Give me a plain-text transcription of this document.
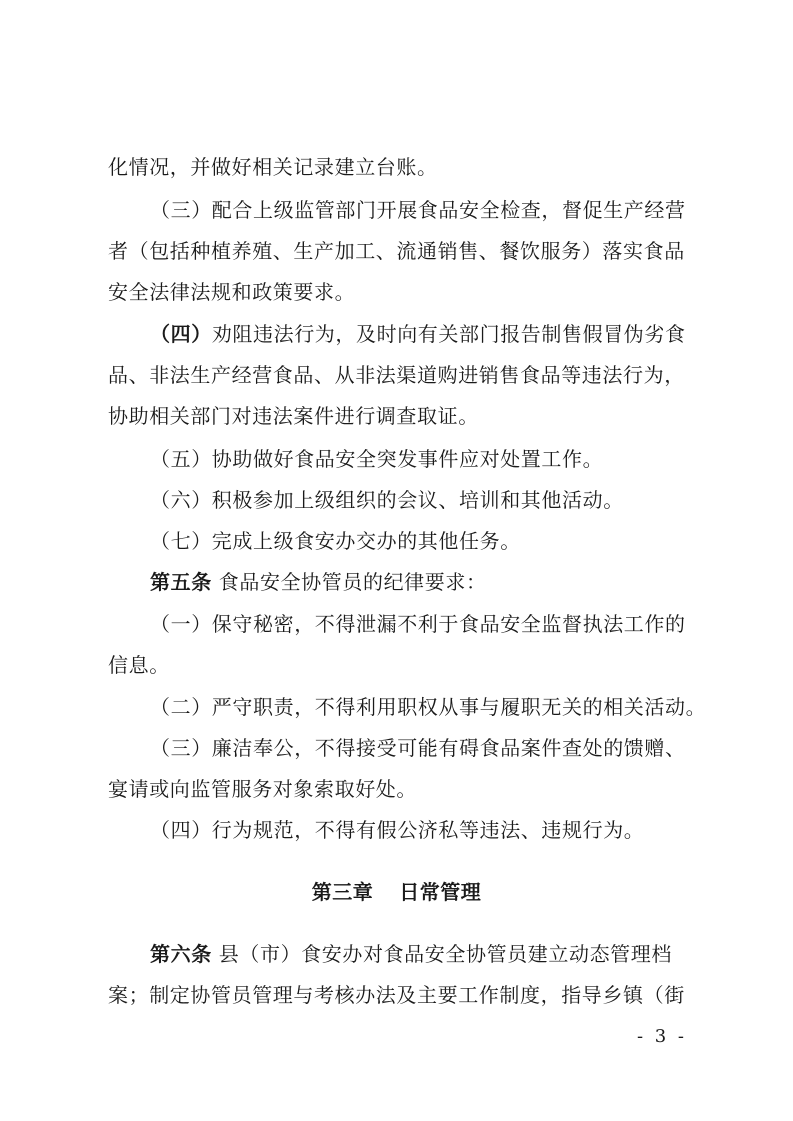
化情况，并做好相关记录建立台账。
（三）配合上级监管部门开展食品安全检查，督促生产经营
者（包括种植养殖、生产加工、流通销售、餐饮服务）落实食品
安全法律法规和政策要求。
（四）劝阻违法行为，及时向有关部门报告制售假冒伪劣食
品、非法生产经营食品、从非法渠道购进销售食品等违法行为，
协助相关部门对违法案件进行调查取证。
（五）协助做好食品安全突发事件应对处置工作。
（六）积极参加上级组织的会议、培训和其他活动。
（七）完成上级食安办交办的其他任务。
第五条 食品安全协管员的纪律要求：
（一）保守秘密，不得泄漏不利于食品安全监督执法工作的
信息。
（二）严守职责，不得利用职权从事与履职无关的相关活动。
（三）廉洁奉公，不得接受可能有碍食品案件查处的馈赠、
宴请或向监管服务对象索取好处。
（四）行为规范，不得有假公济私等违法、违规行为。
第三章 日常管理
第六条 县（市）食安办对食品安全协管员建立动态管理档
案；制定协管员管理与考核办法及主要工作制度，指导乡镇（街
- 3 -
